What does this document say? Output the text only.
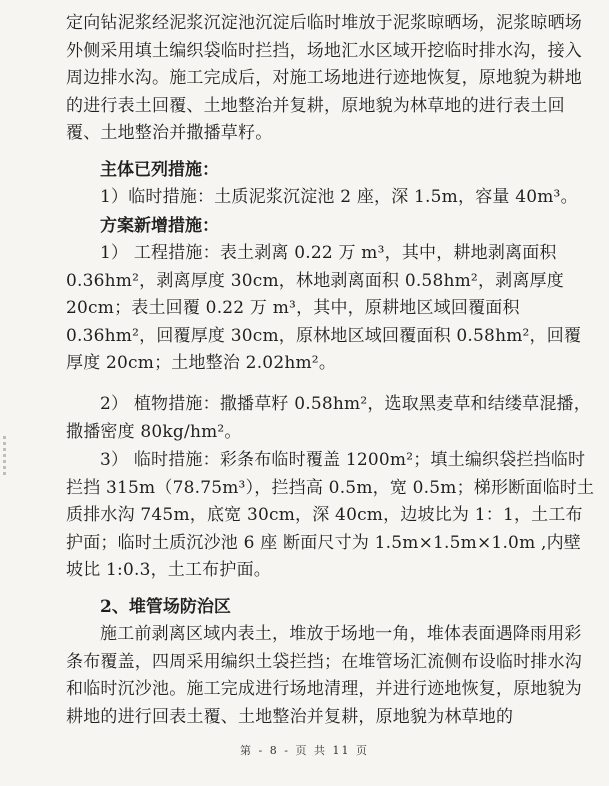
定向钻泥浆经泥浆沉淀池沉淀后临时堆放于泥浆晾晒场，泥浆晾晒场外侧采用填土编织袋临时拦挡，场地汇水区域开挖临时排水沟，接入周边排水沟。施工完成后，对施工场地进行迹地恢复，原地貌为耕地的进行表土回覆、土地整治并复耕，原地貌为林草地的进行表土回覆、土地整治并撒播草籽。
主体已列措施：
1）临时措施：土质泥浆沉淀池 2 座，深 1.5m，容量 40m³。
方案新增措施：
1） 工程措施：表土剥离 0.22 万 m³，其中，耕地剥离面积 0.36hm²，剥离厚度 30cm，林地剥离面积 0.58hm²，剥离厚度 20cm；表土回覆 0.22 万 m³，其中，原耕地区域回覆面积 0.36hm²，回覆厚度 30cm，原林地区域回覆面积 0.58hm²，回覆厚度 20cm；土地整治 2.02hm²。
2） 植物措施：撒播草籽 0.58hm²，选取黑麦草和结缕草混播，撒播密度 80kg/hm²。
3） 临时措施：彩条布临时覆盖 1200m²；填土编织袋拦挡临时拦挡 315m（78.75m³），拦挡高 0.5m，宽 0.5m；梯形断面临时土质排水沟 745m，底宽 30cm，深 40cm，边坡比为 1：1，土工布护面；临时土质沉沙池 6 座 断面尺寸为 1.5m×1.5m×1.0m ,内壁坡比 1:0.3，土工布护面。
2、堆管场防治区
施工前剥离区域内表土，堆放于场地一角，堆体表面遇降雨用彩条布覆盖，四周采用编织土袋拦挡；在堆管场汇流侧布设临时排水沟和临时沉沙池。施工完成进行场地清理，并进行迹地恢复，原地貌为耕地的进行回表土覆、土地整治并复耕，原地貌为林草地的
第 - 8 - 页 共 11 页
